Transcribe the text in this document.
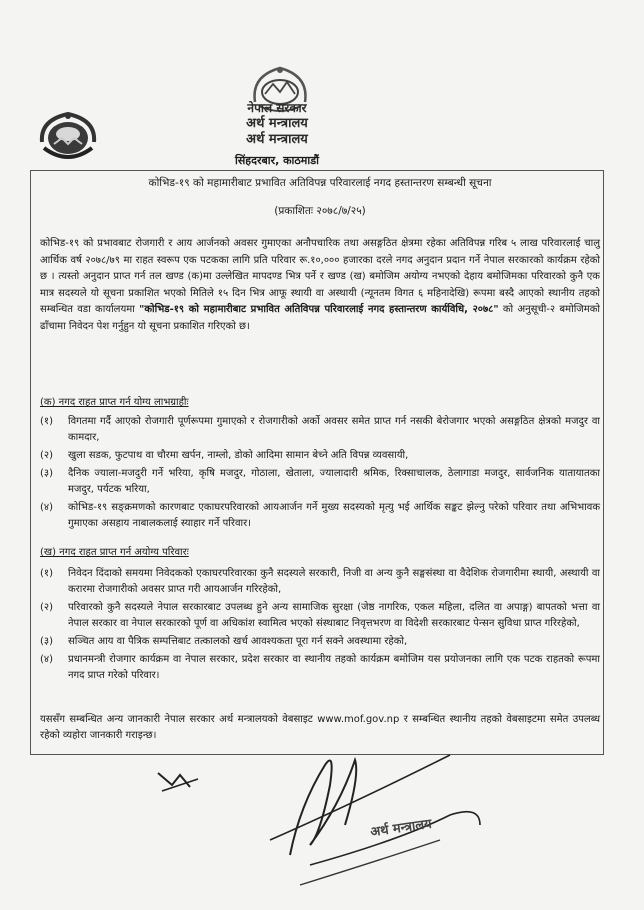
नेपाल सरकार
अर्थ मन्त्रालय
अर्थ मन्त्रालय
सिंहदरबार, काठमाडौं
कोभिड-१९ को महामारीबाट प्रभावित अतिविपन्न परिवारलाई नगद हस्तान्तरण सम्बन्धी सूचना
(प्रकाशितः २०७८/७/२५)
कोभिड-१९ को प्रभावबाट रोजगारी र आय आर्जनको अवसर गुमाएका अनौपचारिक तथा असङ्गठित क्षेत्रमा रहेका अतिविपन्न गरिब ५ लाख परिवारलाई चालु आर्थिक वर्ष २०७८/७९ मा राहत स्वरूप एक पटकका लागि प्रति परिवार रू.१०,००० हजारका दरले नगद अनुदान प्रदान गर्ने नेपाल सरकारको कार्यक्रम रहेको छ । त्यस्तो अनुदान प्राप्त गर्न तल खण्ड (क)मा उल्लेखित मापदण्ड भित्र पर्ने र खण्ड (ख) बमोजिम अयोग्य नभएको देहाय बमोजिमका परिवारको कुनै एक मात्र सदस्यले यो सूचना प्रकाशित भएको मितिले १५ दिन भित्र आफू स्थायी वा अस्थायी (न्यूनतम विगत ६ महिनादेखि) रूपमा बस्दै आएको स्थानीय तहको सम्बन्धित वडा कार्यालयमा "कोभिड-१९ को महामारीबाट प्रभावित अतिविपन्न परिवारलाई नगद हस्तान्तरण कार्यविधि, २०७८" को अनुसूची-२ बमोजिमको ढाँचामा निवेदन पेश गर्नुहुन यो सूचना प्रकाशित गरिएको छ।
(क) नगद राहत प्राप्त गर्न योग्य लाभग्राहीः
(१)	विगतमा गर्दै आएको रोजगारी पूर्णरूपमा गुमाएको र रोजगारीको अर्को अवसर समेत प्राप्त गर्न नसकी बेरोजगार भएको असङ्गठित क्षेत्रको मजदुर वा कामदार,
(२)	खुला सडक, फुटपाथ वा चौरमा खर्पन, नाम्लो, डोको आदिमा सामान बेच्ने अति विपन्न व्यवसायी,
(३)	दैनिक ज्याला-मजदुरी गर्ने भरिया, कृषि मजदुर, गोठाला, खेताला, ज्यालादारी श्रमिक, रिक्साचालक, ठेलागाडा मजदुर, सार्वजनिक यातायातका मजदुर, पर्यटक भरिया,
(४)	कोभिड-१९ सङ्क्रमणको कारणबाट एकाघरपरिवारको आयआर्जन गर्ने मुख्य सदस्यको मृत्यु भई आर्थिक सङ्कट झेल्नु परेको परिवार तथा अभिभावक गुमाएका असहाय नाबालकलाई स्याहार गर्ने परिवार।
(ख) नगद राहत प्राप्त गर्न अयोग्य परिवारः
(१)	निवेदन दिंदाको समयमा निवेदकको एकाघरपरिवारका कुनै सदस्यले सरकारी, निजी वा अन्य कुनै सङ्घसंस्था वा वैदेशिक रोजगारीमा स्थायी, अस्थायी वा करारमा रोजगारीको अवसर प्राप्त गरी आयआर्जन गरिरहेको,
(२)	परिवारको कुनै सदस्यले नेपाल सरकारबाट उपलब्ध हुने अन्य सामाजिक सुरक्षा (जेष्ठ नागरिक, एकल महिला, दलित वा अपाङ्ग) बापतको भत्ता वा नेपाल सरकार वा नेपाल सरकारको पूर्ण वा अधिकांश स्वामित्व भएको संस्थाबाट निवृत्तभरण वा विदेशी सरकारबाट पेन्सन सुविधा प्राप्त गरिरहेको,
(३)	सञ्चित आय वा पैत्रिक सम्पत्तिबाट तत्कालको खर्च आवश्यकता पूरा गर्न सक्ने अवस्थामा रहेको,
(४)	प्रधानमन्त्री रोजगार कार्यक्रम वा नेपाल सरकार, प्रदेश सरकार वा स्थानीय तहको कार्यक्रम बमोजिम यस प्रयोजनका लागि एक पटक राहतको रूपमा नगद प्राप्त गरेको परिवार।
यससँग सम्बन्धित अन्य जानकारी नेपाल सरकार अर्थ मन्त्रालयको वेबसाइट www.mof.gov.np र सम्बन्धित स्थानीय तहको वेबसाइटमा समेत उपलब्ध रहेको व्यहोरा जानकारी गराइन्छ।
अर्थ मन्त्रालय
